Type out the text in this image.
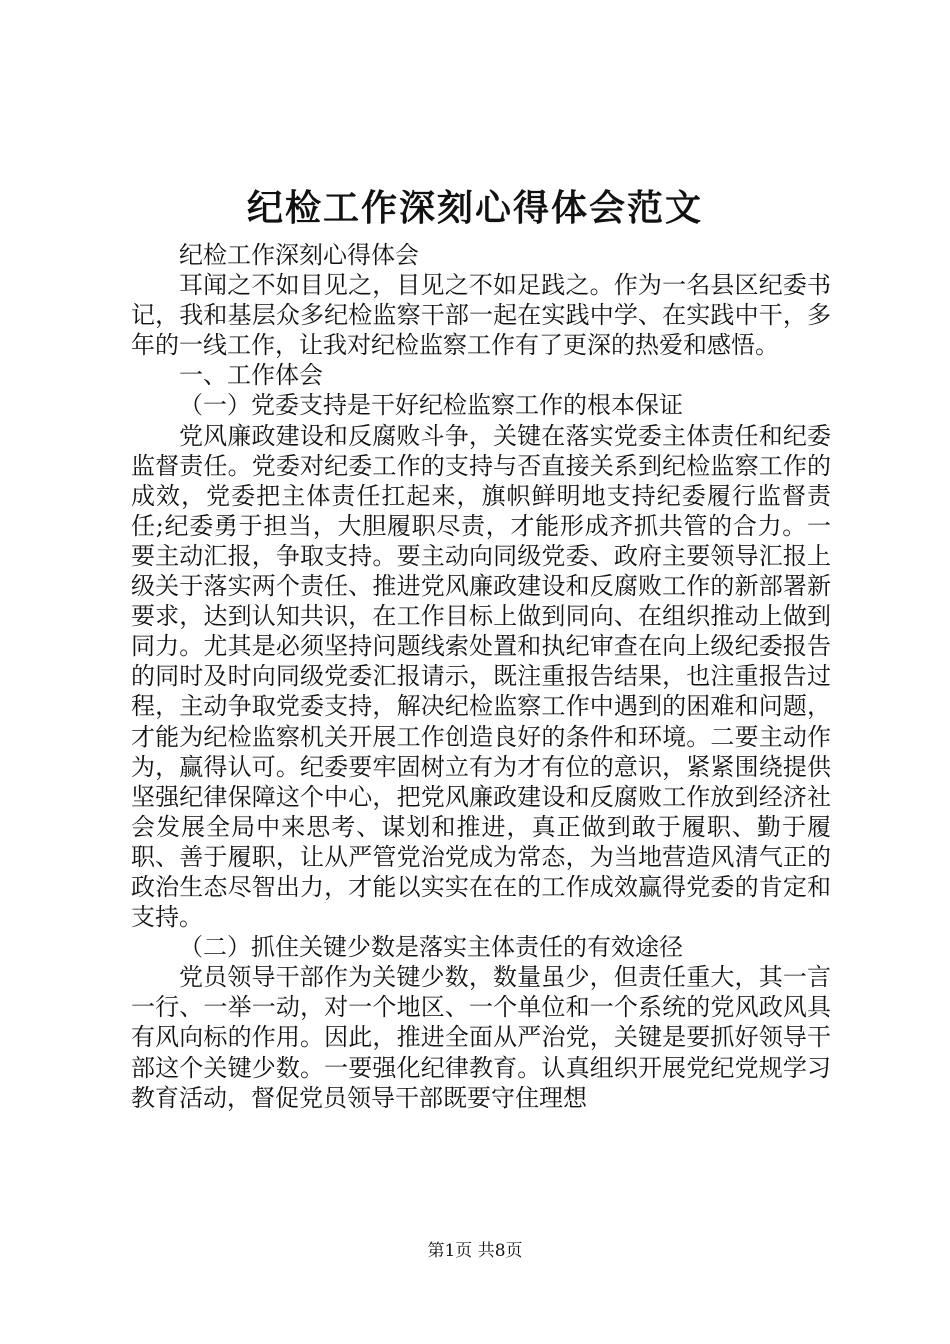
纪检工作深刻心得体会范文

纪检工作深刻心得体会

耳闻之不如目见之，目见之不如足践之。作为一名县区纪委书记，我和基层众多纪检监察干部一起在实践中学、在实践中干，多年的一线工作，让我对纪检监察工作有了更深的热爱和感悟。

一、工作体会

（一）党委支持是干好纪检监察工作的根本保证

党风廉政建设和反腐败斗争，关键在落实党委主体责任和纪委监督责任。党委对纪委工作的支持与否直接关系到纪检监察工作的成效，党委把主体责任扛起来，旗帜鲜明地支持纪委履行监督责任;纪委勇于担当，大胆履职尽责，才能形成齐抓共管的合力。一要主动汇报，争取支持。要主动向同级党委、政府主要领导汇报上级关于落实两个责任、推进党风廉政建设和反腐败工作的新部署新要求，达到认知共识，在工作目标上做到同向、在组织推动上做到同力。尤其是必须坚持问题线索处置和执纪审查在向上级纪委报告的同时及时向同级党委汇报请示，既注重报告结果，也注重报告过程，主动争取党委支持，解决纪检监察工作中遇到的困难和问题，才能为纪检监察机关开展工作创造良好的条件和环境。二要主动作为，赢得认可。纪委要牢固树立有为才有位的意识，紧紧围绕提供坚强纪律保障这个中心，把党风廉政建设和反腐败工作放到经济社会发展全局中来思考、谋划和推进，真正做到敢于履职、勤于履职、善于履职，让从严管党治党成为常态，为当地营造风清气正的政治生态尽智出力，才能以实实在在的工作成效赢得党委的肯定和支持。

（二）抓住关键少数是落实主体责任的有效途径

党员领导干部作为关键少数，数量虽少，但责任重大，其一言一行、一举一动，对一个地区、一个单位和一个系统的党风政风具有风向标的作用。因此，推进全面从严治党，关键是要抓好领导干部这个关键少数。一要强化纪律教育。认真组织开展党纪党规学习教育活动，督促党员领导干部既要守住理想

第1页 共8页
